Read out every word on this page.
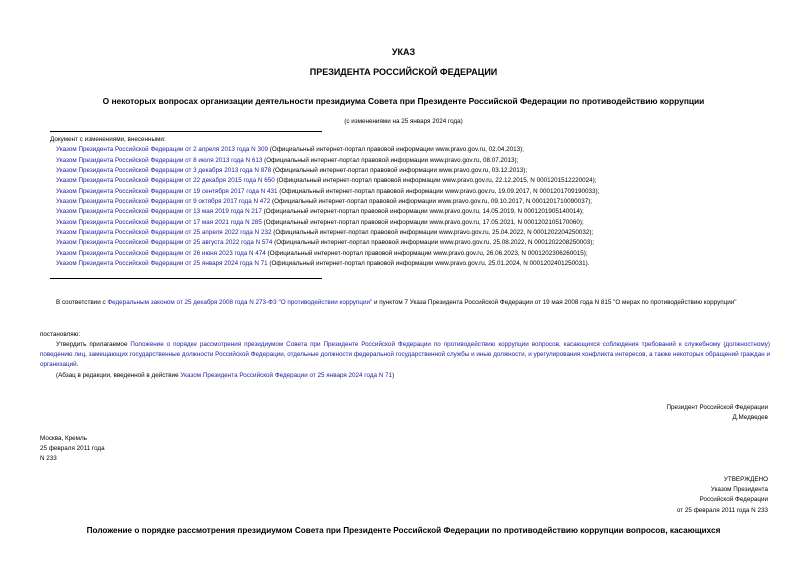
УКАЗ
ПРЕЗИДЕНТА РОССИЙСКОЙ ФЕДЕРАЦИИ
О некоторых вопросах организации деятельности президиума Совета при Президенте Российской Федерации по противодействию коррупции
(с изменениями на 25 января 2024 года)
Документ с изменениями, внесенными:
Указом Президента Российской Федерации от 2 апреля 2013 года N 309 (Официальный интернет-портал правовой информации www.pravo.gov.ru, 02.04.2013);
Указом Президента Российской Федерации от 8 июля 2013 года N 613 (Официальный интернет-портал правовой информации www.pravo.gov.ru, 08.07.2013);
Указом Президента Российской Федерации от 3 декабря 2013 года N 878 (Официальный интернет-портал правовой информации www.pravo.gov.ru, 03.12.2013);
Указом Президента Российской Федерации от 22 декабря 2015 года N 650 (Официальный интернет-портал правовой информации www.pravo.gov.ru, 22.12.2015, N 0001201512220024);
Указом Президента Российской Федерации от 19 сентября 2017 года N 431 (Официальный интернет-портал правовой информации www.pravo.gov.ru, 19.09.2017, N 0001201709190033);
Указом Президента Российской Федерации от 9 октября 2017 года N 472 (Официальный интернет-портал правовой информации www.pravo.gov.ru, 09.10.2017, N 0001201710090037);
Указом Президента Российской Федерации от 13 мая 2019 года N 217 (Официальный интернет-портал правовой информации www.pravo.gov.ru, 14.05.2019, N 0001201905140014);
Указом Президента Российской Федерации от 17 мая 2021 года N 285 (Официальный интернет-портал правовой информации www.pravo.gov.ru, 17.05.2021, N 0001202105170060);
Указом Президента Российской Федерации от 25 апреля 2022 года N 232 (Официальный интернет-портал правовой информации www.pravo.gov.ru, 25.04.2022, N 0001202204250032);
Указом Президента Российской Федерации от 25 августа 2022 года N 574 (Официальный интернет-портал правовой информации www.pravo.gov.ru, 25.08.2022, N 0001202208250003);
Указом Президента Российской Федерации от 26 июня 2023 года N 474 (Официальный интернет-портал правовой информации www.pravo.gov.ru, 26.06.2023, N 0001202306260015);
Указом Президента Российской Федерации от 25 января 2024 года N 71 (Официальный интернет-портал правовой информации www.pravo.gov.ru, 25.01.2024, N 0001202401250031).
В соответствии с Федеральным законом от 25 декабря 2008 года N 273-ФЗ "О противодействии коррупции" и пунктом 7 Указа Президента Российской Федерации от 19 мая 2008 года N 815 "О мерах по противодействию коррупции"
постановляю:
Утвердить прилагаемое Положение о порядке рассмотрения президиумом Совета при Президенте Российской Федерации по противодействию коррупции вопросов, касающихся соблюдения требований к служебному (должностному) поведению лиц, замещающих государственные должности Российской Федерации, отдельные должности федеральной государственной службы и иные должности, и урегулирования конфликта интересов, а также некоторых обращений граждан и организаций.
(Абзац в редакции, введенной в действие Указом Президента Российской Федерации от 25 января 2024 года N 71)
Президент Российской Федерации
Д.Медведев
Москва, Кремль
25 февраля 2011 года
N 233
УТВЕРЖДЕНО
Указом Президента
Российской Федерации
от 25 февраля 2011 года N 233
Положение о порядке рассмотрения президиумом Совета при Президенте Российской Федерации по противодействию коррупции вопросов, касающихся
